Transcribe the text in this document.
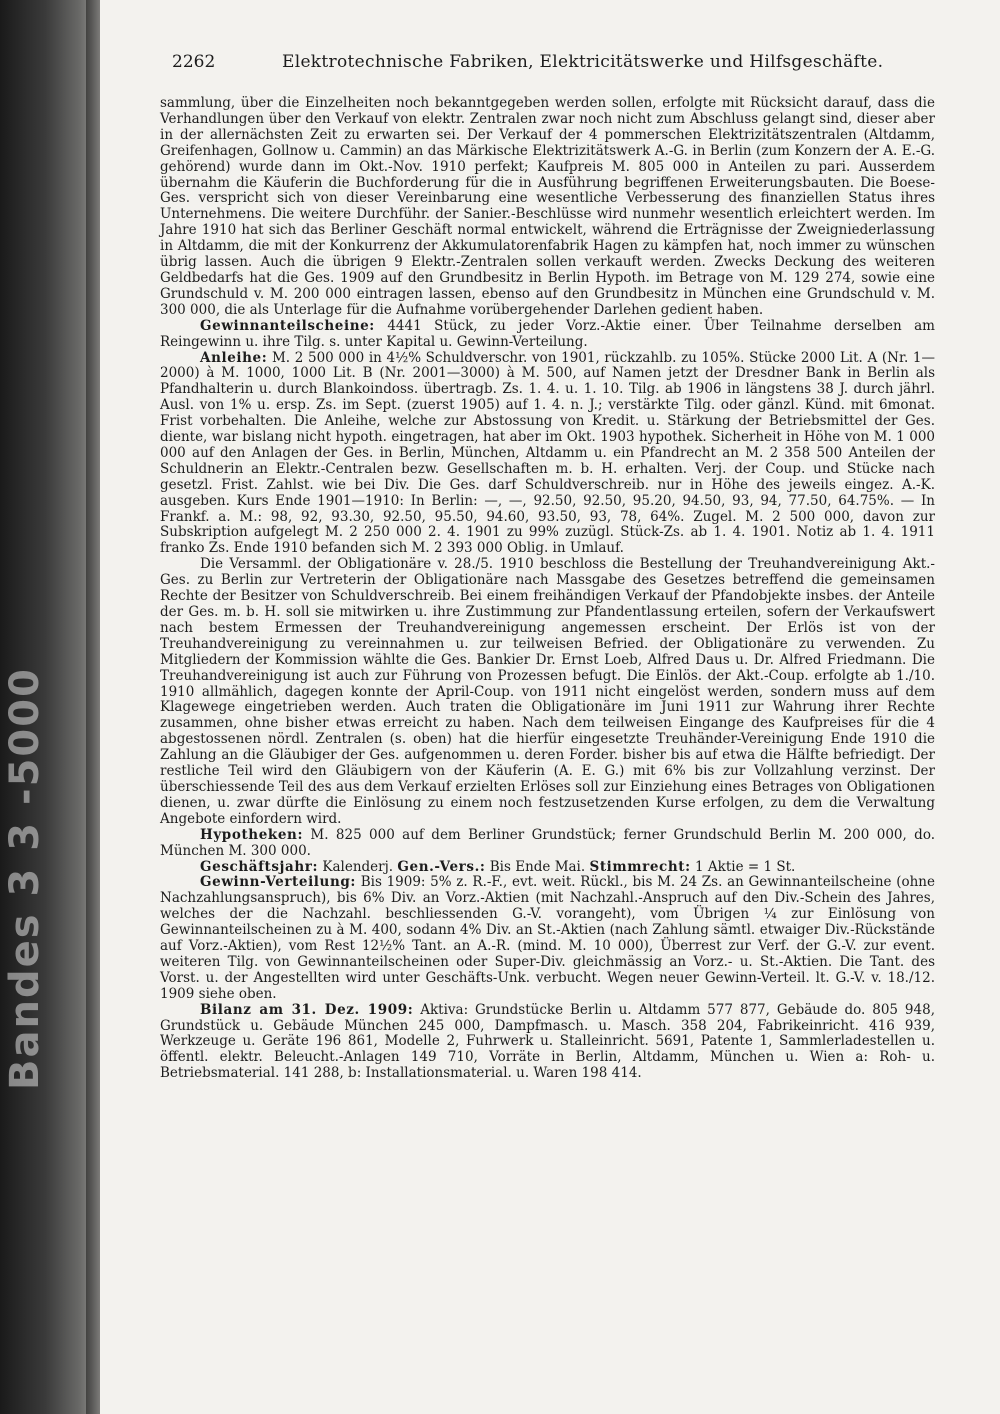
Bandes 3 3 -5000
2262	Elektrotechnische Fabriken, Elektricitätswerke und Hilfsgeschäfte.

sammlung, über die Einzelheiten noch bekanntgegeben werden sollen, erfolgte mit Rücksicht darauf, dass die Verhandlungen über den Verkauf von elektr. Zentralen zwar noch nicht zum Abschluss gelangt sind, dieser aber in der allernächsten Zeit zu erwarten sei. Der Verkauf der 4 pommerschen Elektrizitätszentralen (Altdamm, Greifenhagen, Gollnow u. Cammin) an das Märkische Elektrizitätswerk A.-G. in Berlin (zum Konzern der A. E.-G. gehörend) wurde dann im Okt.-Nov. 1910 perfekt; Kaufpreis M. 805 000 in Anteilen zu pari. Ausserdem übernahm die Käuferin die Buchforderung für die in Ausführung begriffenen Erweiterungsbauten. Die Boese-Ges. verspricht sich von dieser Vereinbarung eine wesentliche Verbesserung des finanziellen Status ihres Unternehmens. Die weitere Durchführ. der Sanier.-Beschlüsse wird nunmehr wesentlich erleichtert werden. Im Jahre 1910 hat sich das Berliner Geschäft normal entwickelt, während die Erträgnisse der Zweigniederlassung in Altdamm, die mit der Konkurrenz der Akkumulatorenfabrik Hagen zu kämpfen hat, noch immer zu wünschen übrig lassen. Auch die übrigen 9 Elektr.-Zentralen sollen verkauft werden. Zwecks Deckung des weiteren Geldbedarfs hat die Ges. 1909 auf den Grundbesitz in Berlin Hypoth. im Betrage von M. 129 274, sowie eine Grundschuld v. M. 200 000 eintragen lassen, ebenso auf den Grundbesitz in München eine Grundschuld v. M. 300 000, die als Unterlage für die Aufnahme vorübergehender Darlehen gedient haben.

Gewinnanteilscheine: 4441 Stück, zu jeder Vorz.-Aktie einer. Über Teilnahme derselben am Reingewinn u. ihre Tilg. s. unter Kapital u. Gewinn-Verteilung.

Anleihe: M. 2 500 000 in 4½% Schuldverschr. von 1901, rückzahlb. zu 105%. Stücke 2000 Lit. A (Nr. 1—2000) à M. 1000, 1000 Lit. B (Nr. 2001—3000) à M. 500, auf Namen jetzt der Dresdner Bank in Berlin als Pfandhalterin u. durch Blankoindoss. übertragb. Zs. 1. 4. u. 1. 10. Tilg. ab 1906 in längstens 38 J. durch jährl. Ausl. von 1% u. ersp. Zs. im Sept. (zuerst 1905) auf 1. 4. n. J.; verstärkte Tilg. oder gänzl. Künd. mit 6monat. Frist vorbehalten. Die Anleihe, welche zur Abstossung von Kredit. u. Stärkung der Betriebsmittel der Ges. diente, war bislang nicht hypoth. eingetragen, hat aber im Okt. 1903 hypothek. Sicherheit in Höhe von M. 1 000 000 auf den Anlagen der Ges. in Berlin, München, Altdamm u. ein Pfandrecht an M. 2 358 500 Anteilen der Schuldnerin an Elektr.-Centralen bezw. Gesellschaften m. b. H. erhalten. Verj. der Coup. und Stücke nach gesetzl. Frist. Zahlst. wie bei Div. Die Ges. darf Schuldverschreib. nur in Höhe des jeweils eingez. A.-K. ausgeben. Kurs Ende 1901—1910: In Berlin: —, —, 92.50, 92.50, 95.20, 94.50, 93, 94, 77.50, 64.75%. — In Frankf. a. M.: 98, 92, 93.30, 92.50, 95.50, 94.60, 93.50, 93, 78, 64%. Zugel. M. 2 500 000, davon zur Subskription aufgelegt M. 2 250 000 2. 4. 1901 zu 99% zuzügl. Stück-Zs. ab 1. 4. 1901. Notiz ab 1. 4. 1911 franko Zs. Ende 1910 befanden sich M. 2 393 000 Oblig. in Umlauf.

Die Versamml. der Obligationäre v. 28./5. 1910 beschloss die Bestellung der Treuhandvereinigung Akt.-Ges. zu Berlin zur Vertreterin der Obligationäre nach Massgabe des Gesetzes betreffend die gemeinsamen Rechte der Besitzer von Schuldverschreib. Bei einem freihändigen Verkauf der Pfandobjekte insbes. der Anteile der Ges. m. b. H. soll sie mitwirken u. ihre Zustimmung zur Pfandentlassung erteilen, sofern der Verkaufswert nach bestem Ermessen der Treuhandvereinigung angemessen erscheint. Der Erlös ist von der Treuhandvereinigung zu vereinnahmen u. zur teilweisen Befried. der Obligationäre zu verwenden. Zu Mitgliedern der Kommission wählte die Ges. Bankier Dr. Ernst Loeb, Alfred Daus u. Dr. Alfred Friedmann. Die Treuhandvereinigung ist auch zur Führung von Prozessen befugt. Die Einlös. der Akt.-Coup. erfolgte ab 1./10. 1910 allmählich, dagegen konnte der April-Coup. von 1911 nicht eingelöst werden, sondern muss auf dem Klagewege eingetrieben werden. Auch traten die Obligationäre im Juni 1911 zur Wahrung ihrer Rechte zusammen, ohne bisher etwas erreicht zu haben. Nach dem teilweisen Eingange des Kaufpreises für die 4 abgestossenen nördl. Zentralen (s. oben) hat die hierfür eingesetzte Treuhänder-Vereinigung Ende 1910 die Zahlung an die Gläubiger der Ges. aufgenommen u. deren Forder. bisher bis auf etwa die Hälfte befriedigt. Der restliche Teil wird den Gläubigern von der Käuferin (A. E. G.) mit 6% bis zur Vollzahlung verzinst. Der überschiessende Teil des aus dem Verkauf erzielten Erlöses soll zur Einziehung eines Betrages von Obligationen dienen, u. zwar dürfte die Einlösung zu einem noch festzusetzenden Kurse erfolgen, zu dem die Verwaltung Angebote einfordern wird.

Hypotheken: M. 825 000 auf dem Berliner Grundstück; ferner Grundschuld Berlin M. 200 000, do. München M. 300 000.

Geschäftsjahr: Kalenderj. Gen.-Vers.: Bis Ende Mai. Stimmrecht: 1 Aktie = 1 St.

Gewinn-Verteilung: Bis 1909: 5% z. R.-F., evt. weit. Rückl., bis M. 24 Zs. an Gewinnanteilscheine (ohne Nachzahlungsanspruch), bis 6% Div. an Vorz.-Aktien (mit Nachzahl.-Anspruch auf den Div.-Schein des Jahres, welches der die Nachzahl. beschliessenden G.-V. vorangeht), vom Übrigen ¼ zur Einlösung von Gewinnanteilscheinen zu à M. 400, sodann 4% Div. an St.-Aktien (nach Zahlung sämtl. etwaiger Div.-Rückstände auf Vorz.-Aktien), vom Rest 12½% Tant. an A.-R. (mind. M. 10 000), Überrest zur Verf. der G.-V. zur event. weiteren Tilg. von Gewinnanteilscheinen oder Super-Div. gleichmässig an Vorz.- u. St.-Aktien. Die Tant. des Vorst. u. der Angestellten wird unter Geschäfts-Unk. verbucht. Wegen neuer Gewinn-Verteil. lt. G.-V. v. 18./12. 1909 siehe oben.

Bilanz am 31. Dez. 1909: Aktiva: Grundstücke Berlin u. Altdamm 577 877, Gebäude do. 805 948, Grundstück u. Gebäude München 245 000, Dampfmasch. u. Masch. 358 204, Fabrikeinricht. 416 939, Werkzeuge u. Geräte 196 861, Modelle 2, Fuhrwerk u. Stalleinricht. 5691, Patente 1, Sammlerladestellen u. öffentl. elektr. Beleucht.-Anlagen 149 710, Vorräte in Berlin, Altdamm, München u. Wien a: Roh- u. Betriebsmaterial. 141 288, b: Installationsmaterial. u. Waren 198 414.
